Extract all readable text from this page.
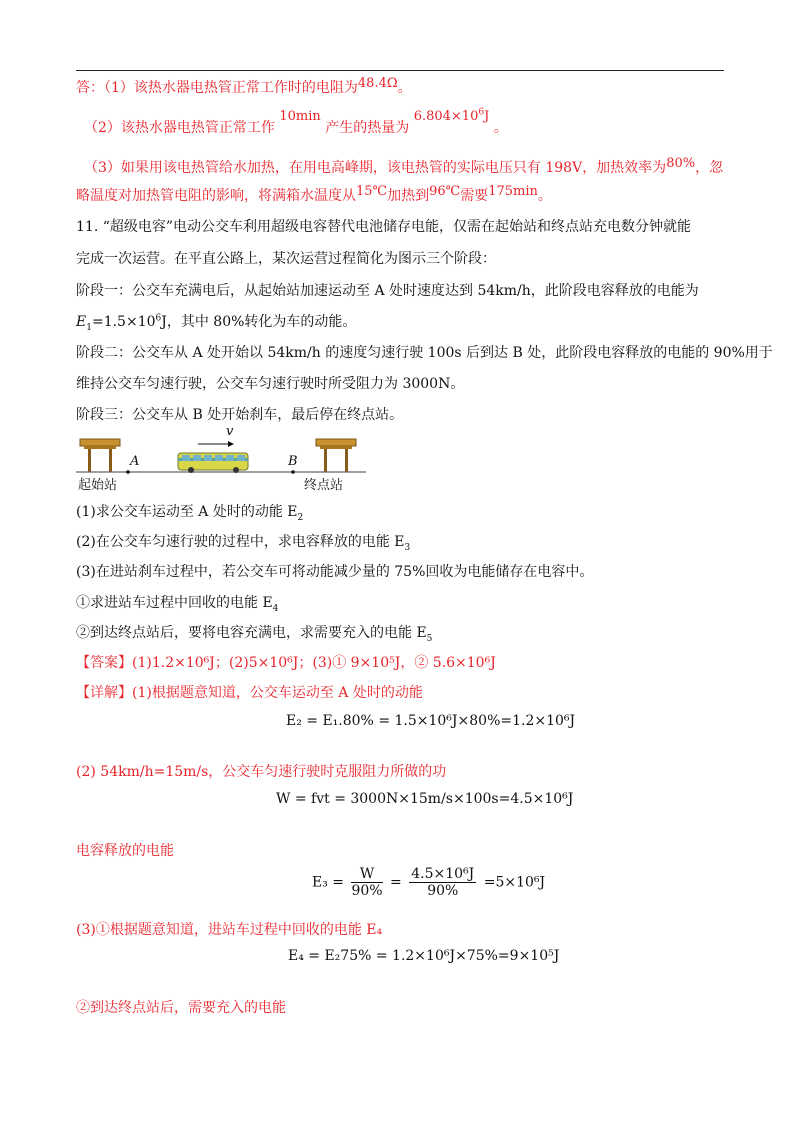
答：（1）该热水器电热管正常工作时的电阻为48.4Ω。
（2）该热水器电热管正常工作 10min 产生的热量为 $6.804\times 10^6J$ 。
（3）如果用该电热管给水加热，在用电高峰期，该电热管的实际电压只有 198V，加热效率为80%，忽
略温度对加热管电阻的影响，将满箱水温度从15℃加热到96℃需要175min。
11. “超级电容”电动公交车利用超级电容替代电池储存电能，仅需在起始站和终点站充电数分钟就能
完成一次运营。在平直公路上，某次运营过程简化为图示三个阶段：
阶段一：公交车充满电后，从起始站加速运动至 A 处时速度达到 54km/h，此阶段电容释放的电能为
$E_1=1.5\times 10^6J$，其中 80%转化为车的动能。
阶段二：公交车从 A 处开始以 54km/h 的速度匀速行驶 100s 后到达 B 处，此阶段电容释放的电能的 90%用于
维持公交车匀速行驶，公交车匀速行驶时所受阻力为 3000N。
阶段三：公交车从 B 处开始刹车，最后停在终点站。
v
A	B
起始站	终点站
(1)求公交车运动至 A 处时的动能 $E_2$
(2)在公交车匀速行驶的过程中，求电容释放的电能 $E_3$
(3)在进站刹车过程中，若公交车可将动能减少量的 75%回收为电能储存在电容中。
①求进站车过程中回收的电能 $E_4$
②到达终点站后，要将电容充满电，求需要充入的电能 $E_5$
【答案】(1)1.2×10⁶J；(2)5×10⁶J；(3)① 9×10⁵J，② 5.6×10⁶J
【详解】(1)根据题意知道，公交车运动至 A 处时的动能
E₂ = E₁.80% = 1.5×10⁶J×80%=1.2×10⁶J
(2) 54km/h=15m/s，公交车匀速行驶时克服阻力所做的功
W = fvt = 3000N×15m/s×100s=4.5×10⁶J
电容释放的电能
$E_3 = \frac{W}{90\%} = \frac{\text{4.5×10⁶J}}{90\%} =5\times 10^6J$
(3)①根据题意知道，进站车过程中回收的电能 E₄
E₄ = E₂75% = 1.2×10⁶J×75%=9×10⁵J
②到达终点站后，需要充入的电能
